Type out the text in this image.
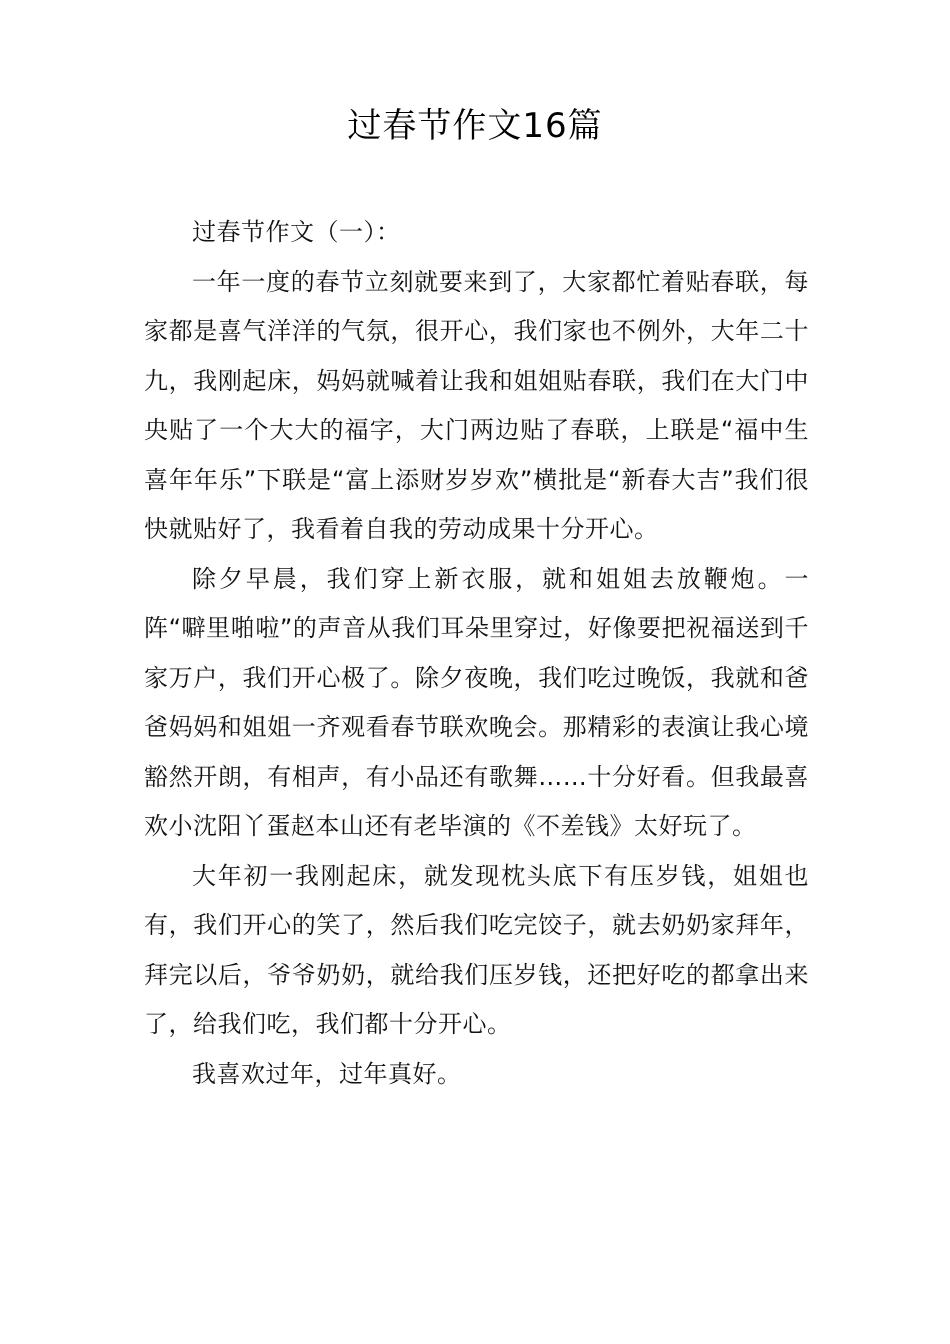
过春节作文16篇

过春节作文（一）：

一年一度的春节立刻就要来到了，大家都忙着贴春联，每家都是喜气洋洋的气氛，很开心，我们家也不例外，大年二十九，我刚起床，妈妈就喊着让我和姐姐贴春联，我们在大门中央贴了一个大大的福字，大门两边贴了春联，上联是“福中生喜年年乐”下联是“富上添财岁岁欢”横批是“新春大吉”我们很快就贴好了，我看着自我的劳动成果十分开心。

除夕早晨，我们穿上新衣服，就和姐姐去放鞭炮。一阵“噼里啪啦”的声音从我们耳朵里穿过，好像要把祝福送到千家万户，我们开心极了。除夕夜晚，我们吃过晚饭，我就和爸爸妈妈和姐姐一齐观看春节联欢晚会。那精彩的表演让我心境豁然开朗，有相声，有小品还有歌舞……十分好看。但我最喜欢小沈阳丫蛋赵本山还有老毕演的《不差钱》太好玩了。

大年初一我刚起床，就发现枕头底下有压岁钱，姐姐也有，我们开心的笑了，然后我们吃完饺子，就去奶奶家拜年，拜完以后，爷爷奶奶，就给我们压岁钱，还把好吃的都拿出来了，给我们吃，我们都十分开心。

我喜欢过年，过年真好。
